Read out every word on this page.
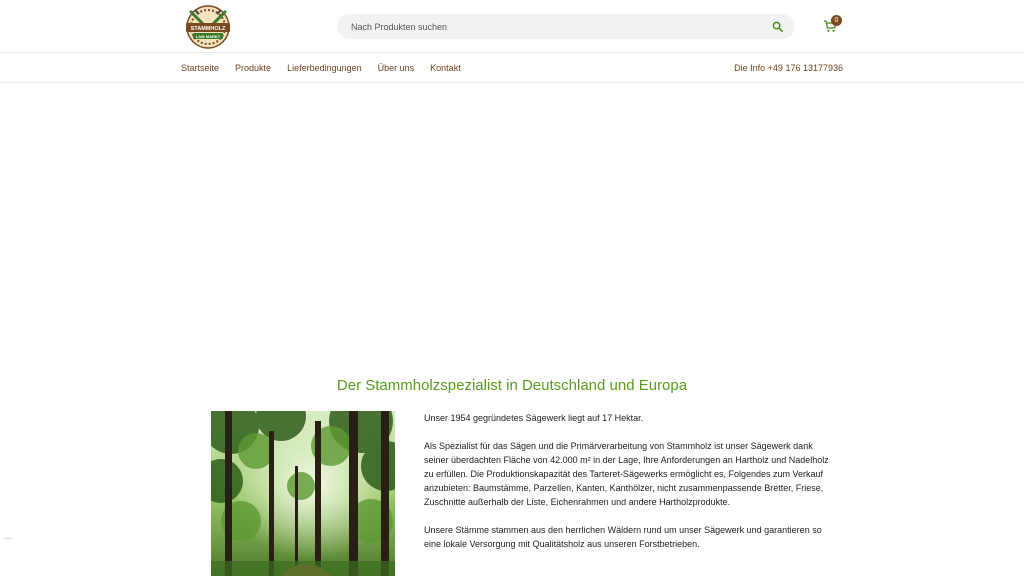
STAMMHOLZ
LAW MARKT
Nach Produkten suchen
0
Startseite Produkte Lieferbedingungen Über uns Kontakt	Die Info +49 176 13177936
Der Stammholzspezialist in Deutschland und Europa

Unser 1954 gegründetes Sägewerk liegt auf 17 Hektar.

Als Spezialist für das Sägen und die Primärverarbeitung von Stammholz ist unser Sägewerk dank seiner überdachten Fläche von 42.000 m² in der Lage, Ihre Anforderungen an Hartholz und Nadelholz zu erfüllen. Die Produktionskapazität des Tarteret-Sägewerks ermöglicht es, Folgendes zum Verkauf anzubieten: Baumstämme, Parzellen, Kanten, Kanthölzer, nicht zusammenpassende Bretter, Friese, Zuschnitte außerhalb der Liste, Eichenrahmen und andere Hartholzprodukte.

Unsere Stämme stammen aus den herrlichen Wäldern rund um unser Sägewerk und garantieren so eine lokale Versorgung mit Qualitätsholz aus unseren Forstbetrieben.
